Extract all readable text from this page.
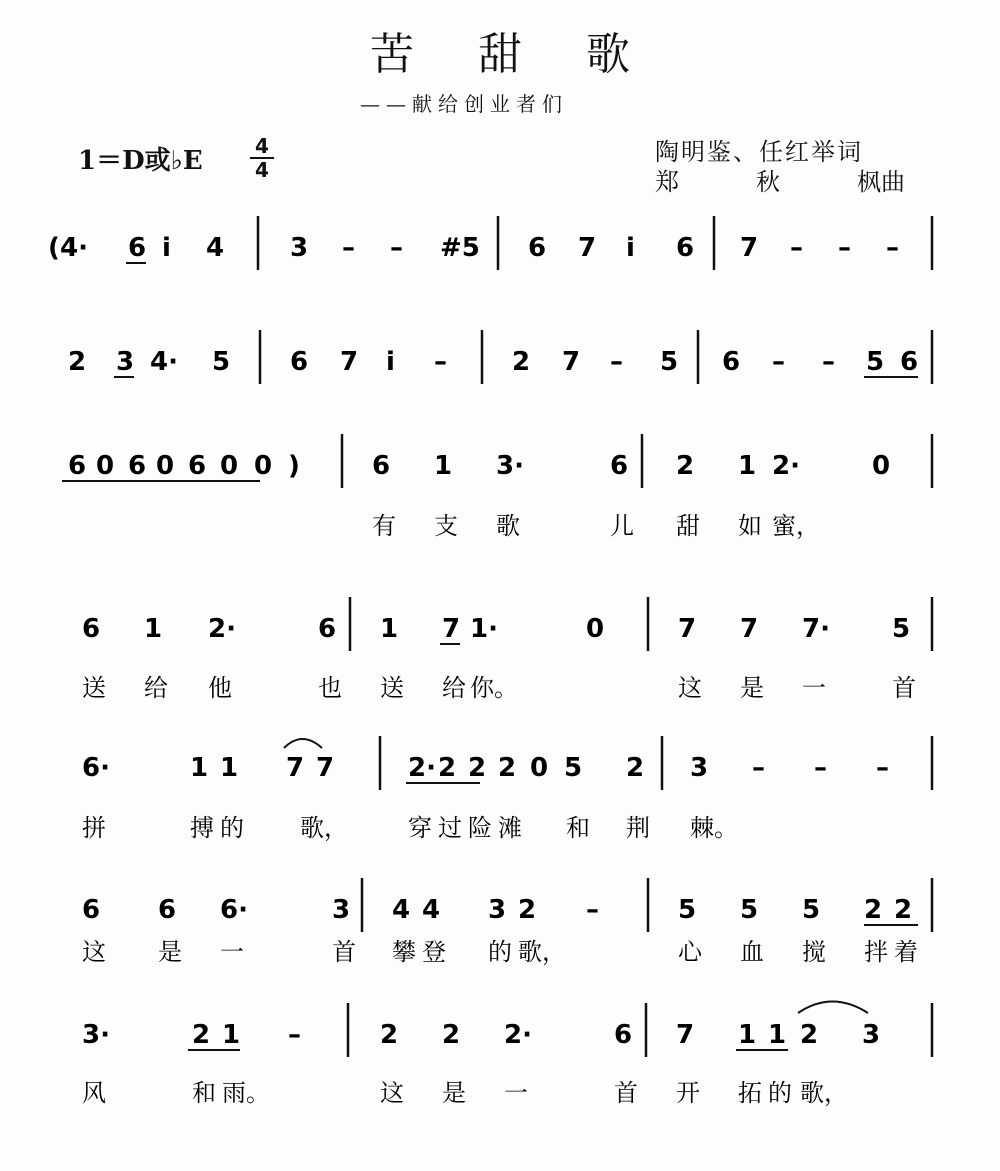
苦甜歌
——献给创业者们
1＝D或♭E	4
4
陶明鉴、任红举词
郑	秋	枫曲
( 4· 6 i 4	3 – – #5 6 7 i 6 7 – – –
2 3 4· 5 6 7 i –	2 7 – 5 6 – – 5 6
6 0 6 0 6 0 0 )	6 1 3·	6 2 1 2·	0
有 支 歌	儿 甜 如 蜜，
6 1 2·	6 1 7 1·	0	7 7 7· 5
送 给 他	也 送 给 你。	这 是 一	首
6·	1 1 7 7	2· 2 2 2 0 5 2 3 – – –
拼	搏 的 歌，	穿 过 险 滩 和 荆 棘。
6 6 6·	3 4 4 3 2 –	5 5 5 2 2
这 是 一	首 攀 登 的 歌，	心 血 搅 拌 着
3·	2 1 –	2 2 2·	6 7 1 1 2 3
风	和 雨。	这 是 一	首 开 拓 的 歌，
